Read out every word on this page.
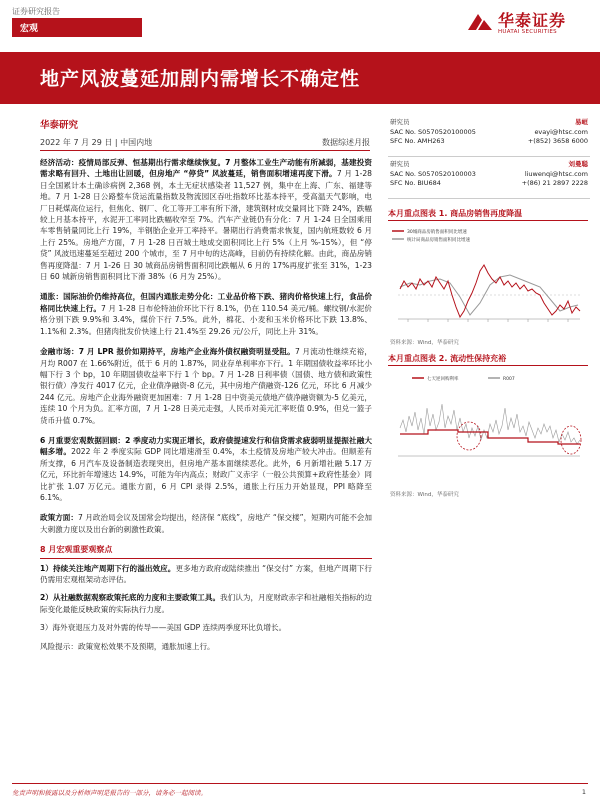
证券研究报告
宏观	华泰证券
HUATAI SECURITIES
地产风波蔓延加剧内需增长不确定性
华泰研究
2022 年 7 月 29 日 | 中国内地	数据综述月报
研究员	易峘
SAC No. S0570520100005
SFC No. AMH263
evayi@htsc.com
+(852) 3658 6000
研究员	刘曼聪
SAC No. S0570520100003
SFC No. BIU684
liuwenqi@htsc.com
+(86) 21 2897 2228

经济活动：疫情局部反弹、恒基期出行需求继续恢复。7 月整体工业生产动能有所减弱，基建投资需求略有回升、土地出让回暖，但房地产 “停贷” 风波蔓延，销售面积增速再度下滑。7 月 1-28 日全国累计本土确诊病例 2,368 例，本土无症状感染者 11,527 例，集中在上海、广东、福建等地。7 月 1-28 日公路整车货运流量指数及物流园区吞吐指数环比基本持平，受高温天气影响，电厂日耗煤高位运行，但焦化、钢厂、化工等开工率有所下滑，建筑钢材成交量同比下降 24%，跌幅较上月基本持平，水泥开工率同比跌幅收窄至 7%。汽车产业链仍有分化：7 月 1-24 日全国乘用车零售销量同比上行 19%，半钢胎企业开工率持平。暑期出行消费需求恢复，国内航班数较 6 月上行 25%。房地产方面，7 月 1-28 日百城土地成交面积同比上行 5%（上月 %-15%），但 “停贷” 风波迅速蔓延至超过 200 个城市，至 7 月中旬的达高峰，目前仍有持续化解。由此，商品房销售再度降温：7 月 1-26 日 30 城商品房销售面积同比跌幅从 6 月的 17%再度扩张至 31%，1-23 日 60 城新房销售面积同比下滑 38%（6 月为 25%）。

通胀：国际油价仍维持高位，但国内通胀走势分化：工业品价格下跌、猪肉价格快速上行，食品价格同比快速上行。7 月 1-28 日布伦特油价环比下行 8.1%，仍在 110.54 美元/桶。螺纹钢/水泥价格分别下跌 9.9%和 3.4%，煤价下行 7.5%。此外，棉花、小麦和玉米价格环比下跌 13.8%、1.1%和 2.3%。但猪肉批发价快速上行 21.4%至 29.26 元/公斤，同比上升 31%。

金融市场：7 月 LPR 报价如期持平，房地产企业海外债权融资明显受阻。7 月流动性继续充裕，月均 R007 在 1.66%附近，低于 6 月的 1.87%，同业存单利率亦下行。1 年期国债收益率环比小幅下行 3 个 bp，10 年期国债收益率下行 1 个 bp。7 月 1-28 日利率债（国债、地方债和政策性银行债）净发行 4017 亿元，企业债净融资-8 亿元，其中房地产债融资-126 亿元，环比 6 月减少 244 亿元。房地产企业海外融资更加困难：7 月 1-28 日中资美元债地产债净融资额为-5 亿美元，连续 10 个月为负。汇率方面，7 月 1-28 日美元走强，人民币对美元汇率贬值 0.9%，但兑一篮子货币升值 0.7%。

6 月重要宏观数据回顾：2 季度动力实现正增长，政府债提速发行和信贷需求疲弱明显提振社融大幅多增。2022 年 2 季度实际 GDP 同比增速滑至 0.4%，本土疫情及房地产较大冲击。但顺差有所支撑，6 月汽车及设备制造表现突出，但房地产基本面继续恶化。此外，6 月新增社融 5.17 万亿元，环比折年增速达 14.9%，可能为年内高点；财政广义赤字（一般公共预算+政府性基金）同比扩张 1.07 万亿元。通胀方面，6 月 CPI 录得 2.5%，通胀上行压力开始显现，PPI 略降至 6.1%。

政策方面：7 月政治局会议及国常会均提出，经济保 “底线”，房地产 “保交楼”，短期内可能不会加大刺激力度以及出台新的刺激性政策。

8 月宏观重要观察点
1）持续关注地产周期下行的溢出效应。更多地方政府或陆续推出 “保交付” 方案，但地产周期下行仍需用宏观框架动态评估。
2）从社融数据观察政策托底的力度和主要政策工具。我们认为，月度财政赤字和社融相关指标的边际变化最能反映政策的实际执行力度。
3）海外衰退压力及对外需的传导——美国 GDP 连续两季度环比负增长。
风险提示：政策宽松效果不及预期，通胀加速上行。
本月重点图表 1. 商品房销售再度降温
30城商品房销售面积同比增速
统计局商品房销售面积同比增速
资料来源：Wind，华泰研究
本月重点图表 2. 流动性保持充裕
七天逆回购利率	R007
资料来源：Wind，华泰研究
免责声明和披露以及分析师声明是报告的一部分，请务必一起阅读。	1
